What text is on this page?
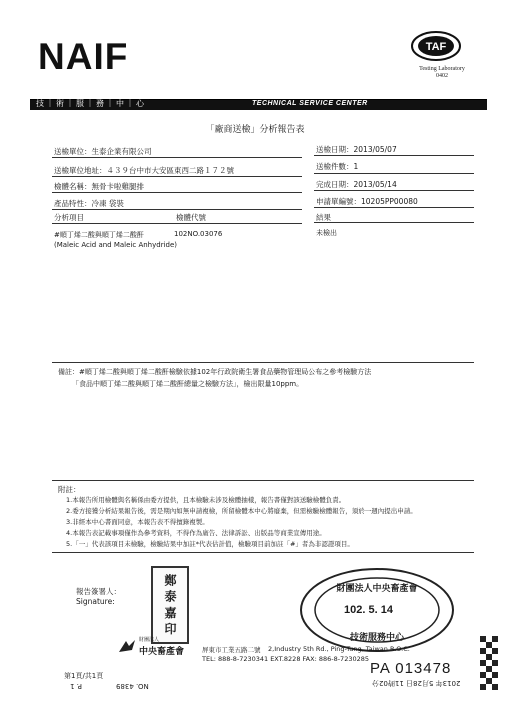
NAIF	TAF
Testing Laboratory
0402
技｜術｜服｜務｜中｜心	TECHNICAL SERVICE CENTER
「廠商送檢」分析報告表
送檢單位：生泰企業有限公司	送檢日期：2013/05/07
送檢單位地址：４３９台中市大安區東西二路１７２號	送檢件數：1
檢體名稱：無骨卡啦雞腿排	完成日期：2013/05/14
產品特性：冷凍 袋裝	申請單編號：10205PP00080
分析項目	檢體代號	結果
#順丁烯二酸與順丁烯二酸酐	102NO.03076	未檢出
(Maleic Acid and Maleic Anhydride)
備註：#順丁烯二酸與順丁烯二酸酐檢驗依據102年行政院衛生署食品藥物管理局公布之參考檢驗方法
「食品中順丁烯二酸與順丁烯二酸酐總量之檢驗方法」，檢出限量10ppm。
附註：
1.本報告所用檢體與名稱係由委方提供，且本檢驗未涉及檢體抽樣，報告書僅對該送驗檢體負責。
2.委方接獲分析結果報告後，需是期內如無申請複檢，所留檢體本中心將廢棄，但需檢驗檢體報告，須於一週內提出申請。
3.非經本中心書面同意，本報告表不得擅錄複製。
4.本報告表記載事項僅作為參考資料，不得作為廣告、法律訴訟、出版品等商業宣傳用途。
5.「一」代表該項目未檢驗，檢驗結果中加註*代表估計值，檢驗項目前加註「#」者為非認證項目。
報告簽署人：
Signature:	鄭 泰 嘉 印	財團法人中央畜產會
技術服務中心
102. 5. 14
財團法人
中央畜產會	屏東市工業五路二號 2,Industry 5th Rd., Ping-Tung, Taiwan R.O.C.
TEL: 888-8-7230341 EXT.8228 FAX: 886-8-7230285
第1頁/共1頁
P. 1	NO. 4389
PA 013478
2013年 5月28日 11時02分
